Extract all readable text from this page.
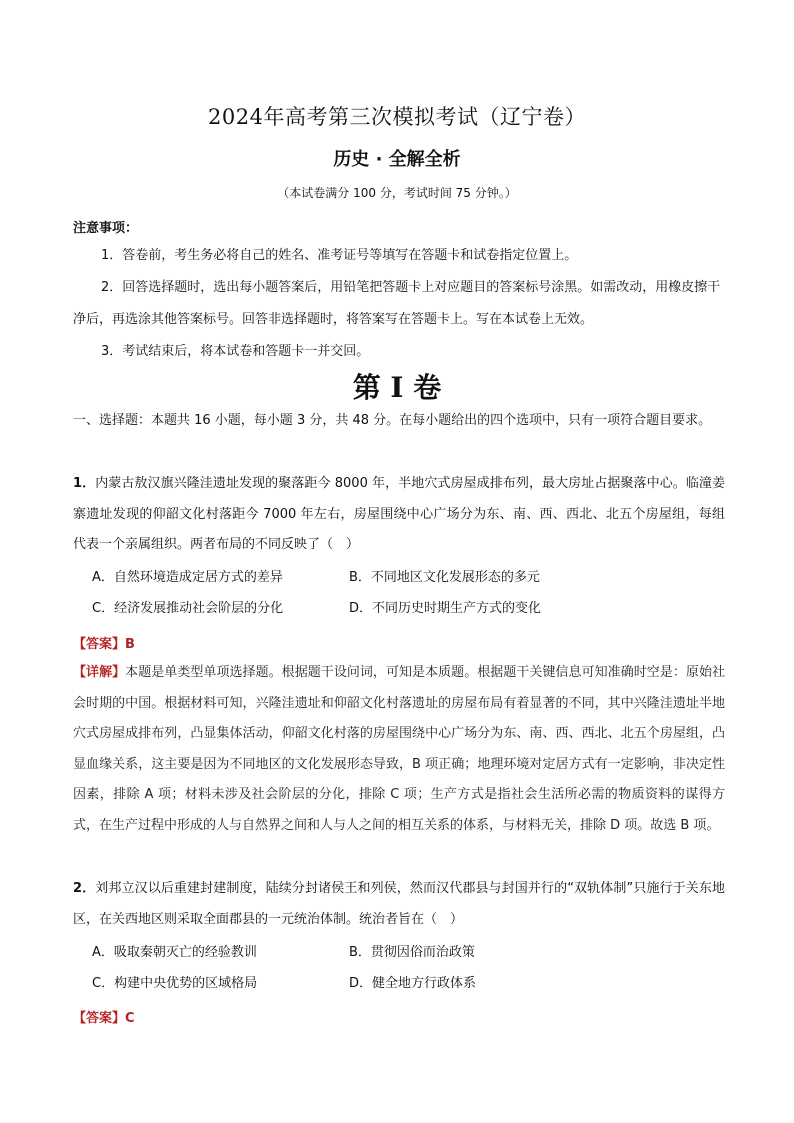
2024年高考第三次模拟考试（辽宁卷）
历史 · 全解全析
（本试卷满分 100 分，考试时间 75 分钟。）
注意事项：
1．答卷前，考生务必将自己的姓名、准考证号等填写在答题卡和试卷指定位置上。
2．回答选择题时，选出每小题答案后，用铅笔把答题卡上对应题目的答案标号涂黑。如需改动，用橡皮擦干净后，再选涂其他答案标号。回答非选择题时，将答案写在答题卡上。写在本试卷上无效。
3．考试结束后，将本试卷和答题卡一并交回。
第 I 卷
一、选择题：本题共 16 小题，每小题 3 分，共 48 分。在每小题给出的四个选项中，只有一项符合题目要求。
1．内蒙古敖汉旗兴隆洼遗址发现的聚落距今 8000 年，半地穴式房屋成排布列，最大房址占据聚落中心。临潼姜寨遗址发现的仰韶文化村落距今 7000 年左右，房屋围绕中心广场分为东、南、西、西北、北五个房屋组，每组代表一个亲属组织。两者布局的不同反映了（　）
A．自然环境造成定居方式的差异	B．不同地区文化发展形态的多元
C．经济发展推动社会阶层的分化	D．不同历史时期生产方式的变化
【答案】B
【详解】本题是单类型单项选择题。根据题干设问词，可知是本质题。根据题干关键信息可知准确时空是：原始社会时期的中国。根据材料可知，兴隆洼遗址和仰韶文化村落遗址的房屋布局有着显著的不同，其中兴隆洼遗址半地穴式房屋成排布列，凸显集体活动，仰韶文化村落的房屋围绕中心广场分为东、南、西、西北、北五个房屋组，凸显血缘关系，这主要是因为不同地区的文化发展形态导致，B 项正确；地理环境对定居方式有一定影响，非决定性因素，排除 A 项；材料未涉及社会阶层的分化，排除 C 项；生产方式是指社会生活所必需的物质资料的谋得方式，在生产过程中形成的人与自然界之间和人与人之间的相互关系的体系，与材料无关，排除 D 项。故选 B 项。
2．刘邦立汉以后重建封建制度，陆续分封诸侯王和列侯，然而汉代郡县与封国并行的“双轨体制”只施行于关东地区，在关西地区则采取全面郡县的一元统治体制。统治者旨在（　）
A．吸取秦朝灭亡的经验教训	B．贯彻因俗而治政策
C．构建中央优势的区域格局	D．健全地方行政体系
【答案】C
